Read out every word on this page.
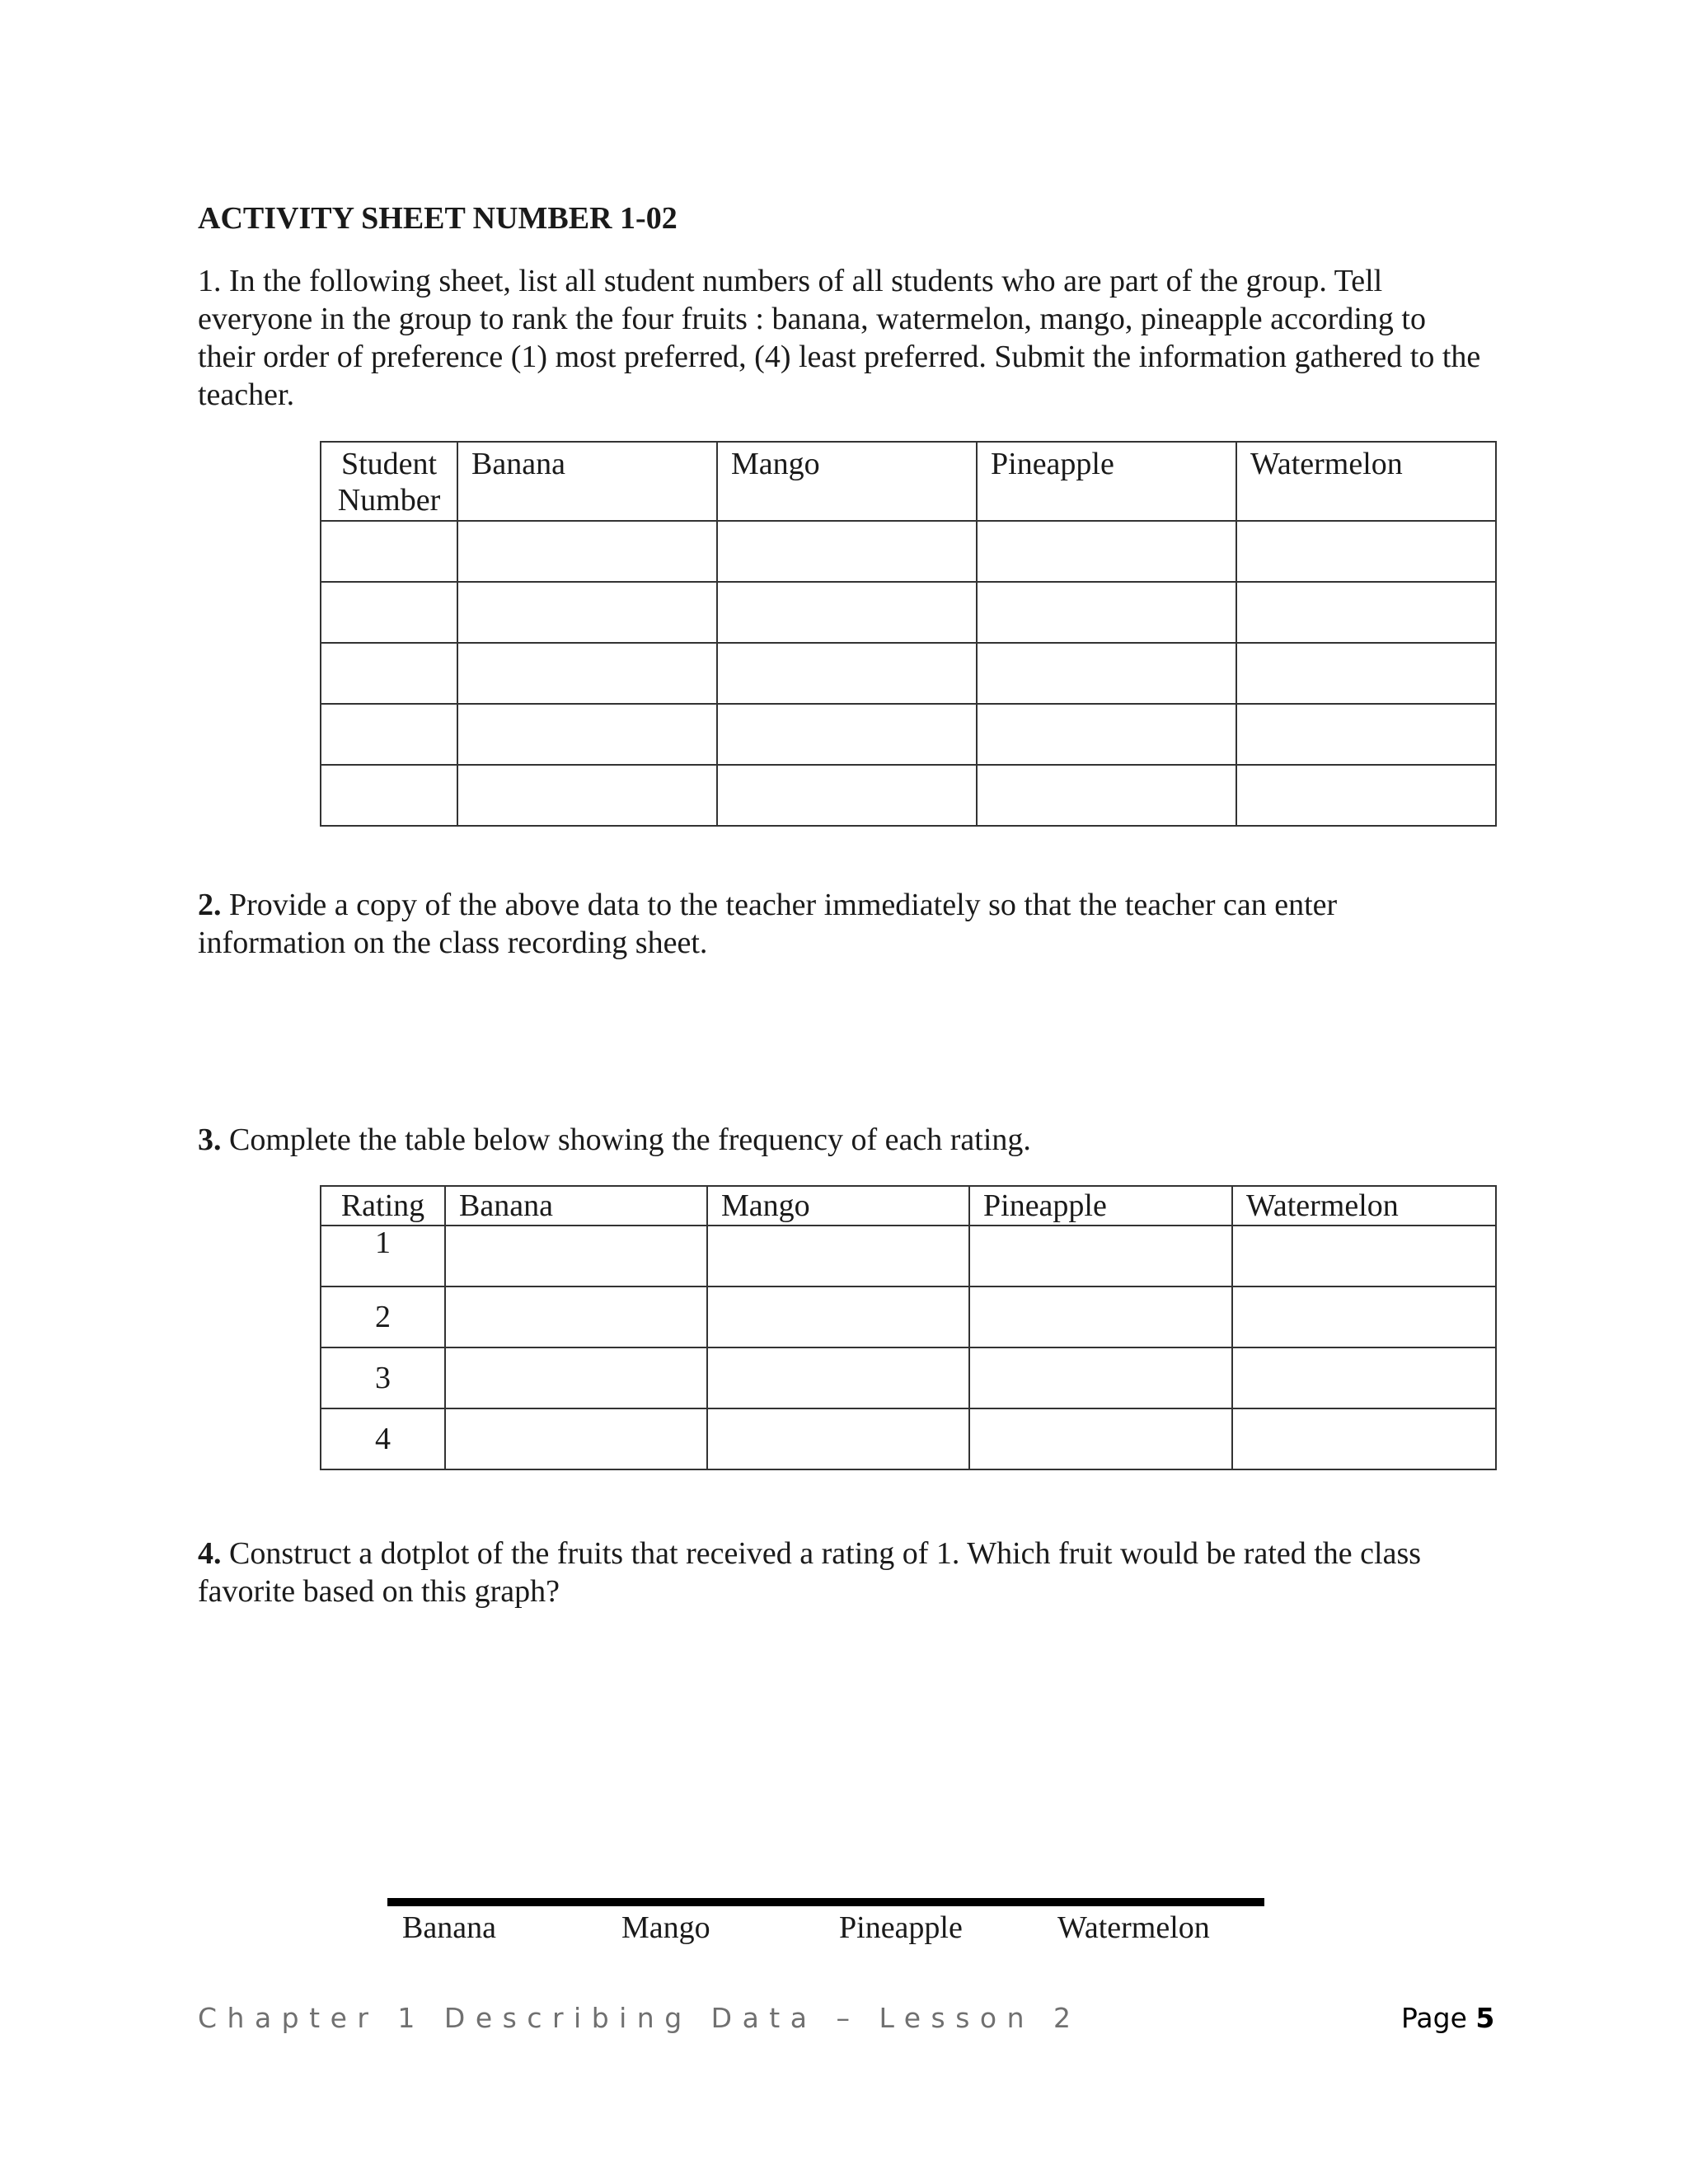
ACTIVITY SHEET NUMBER 1-02
1. In the following sheet, list all student numbers of all students who are part of the group. Tell everyone in the group to rank the four fruits : banana, watermelon, mango, pineapple according to their order of preference (1) most preferred, (4) least preferred. Submit the information gathered to the teacher.
Student Number	Banana	Mango	Pineapple	Watermelon

2. Provide a copy of the above data to the teacher immediately so that the teacher can enter information on the class recording sheet.
3. Complete the table below showing the frequency of each rating.
Rating	Banana	Mango	Pineapple	Watermelon
1				
2				
3				
4				
4. Construct a dotplot of the fruits that received a rating of 1. Which fruit would be rated the class favorite based on this graph?
Banana	Mango	Pineapple	Watermelon
Chapter 1 Describing Data – Lesson 2	Page 5
